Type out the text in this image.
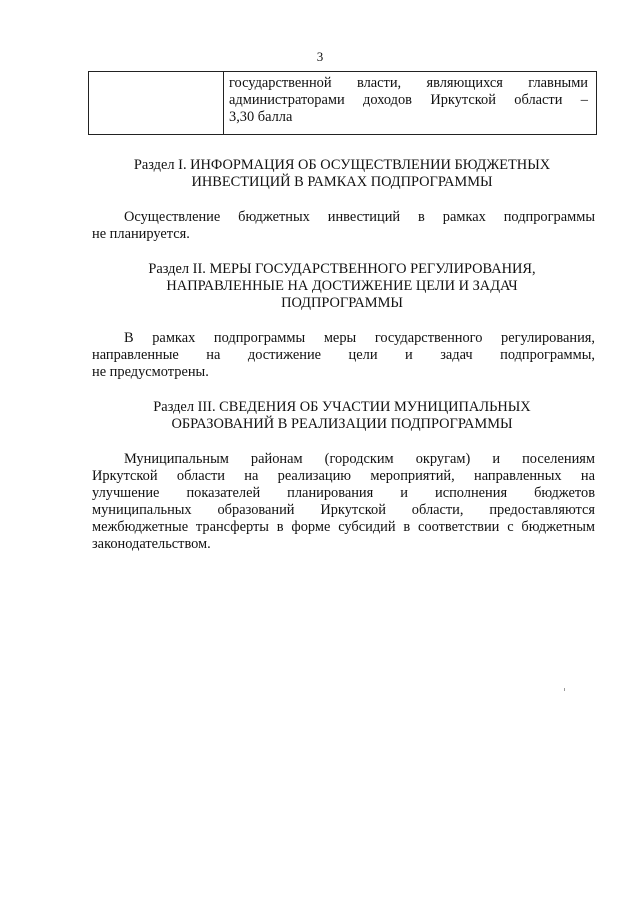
3

государственной власти, являющихся главными
администраторами доходов Иркутской области –
3,30 балла
Раздел I. ИНФОРМАЦИЯ ОБ ОСУЩЕСТВЛЕНИИ БЮДЖЕТНЫХ
ИНВЕСТИЦИЙ В РАМКАХ ПОДПРОГРАММЫ
Осуществление бюджетных инвестиций в рамках подпрограммы
не планируется.
Раздел II. МЕРЫ ГОСУДАРСТВЕННОГО РЕГУЛИРОВАНИЯ,
НАПРАВЛЕННЫЕ НА ДОСТИЖЕНИЕ ЦЕЛИ И ЗАДАЧ
ПОДПРОГРАММЫ
В рамках подпрограммы меры государственного регулирования,
направленные на достижение цели и задач подпрограммы,
не предусмотрены.
Раздел III. СВЕДЕНИЯ ОБ УЧАСТИИ МУНИЦИПАЛЬНЫХ
ОБРАЗОВАНИЙ В РЕАЛИЗАЦИИ ПОДПРОГРАММЫ
Муниципальным районам (городским округам) и поселениям
Иркутской области на реализацию мероприятий, направленных на
улучшение показателей планирования и исполнения бюджетов
муниципальных образований Иркутской области, предоставляются
межбюджетные трансферты в форме субсидий в соответствии с бюджетным
законодательством.
